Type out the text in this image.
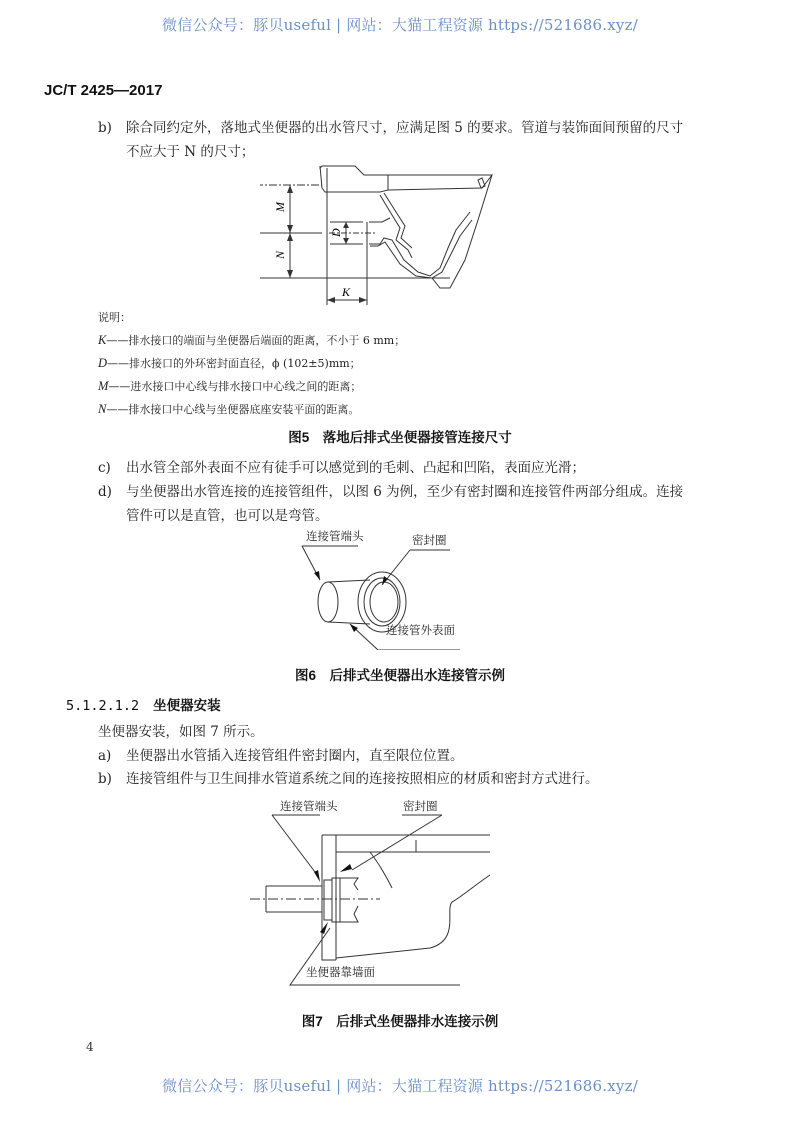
微信公众号：豚贝useful | 网站：大猫工程资源 https://521686.xyz/
JC/T 2425—2017
b) 除合同约定外，落地式坐便器的出水管尺寸，应满足图 5 的要求。管道与装饰面间预留的尺寸
不应大于 N 的尺寸；
M
N
D
K
说明：
K——排水接口的端面与坐便器后端面的距离，不小于 6 mm；
D——排水接口的外环密封面直径，ϕ (102±5)mm；
M——进水接口中心线与排水接口中心线之间的距离；
N——排水接口中心线与坐便器底座安装平面的距离。
图5　落地后排式坐便器接管连接尺寸
c) 出水管全部外表面不应有徒手可以感觉到的毛刺、凸起和凹陷，表面应光滑；
d) 与坐便器出水管连接的连接管组件，以图 6 为例，至少有密封圈和连接管件两部分组成。连接
管件可以是直管，也可以是弯管。
连接管端头	密封圈
连接管外表面
图6　后排式坐便器出水连接管示例
5.1.2.1.2 坐便器安装
坐便器安装，如图 7 所示。
a) 坐便器出水管插入连接管组件密封圈内，直至限位位置。
b) 连接管组件与卫生间排水管道系统之间的连接按照相应的材质和密封方式进行。
连接管端头	密封圈
坐便器靠墙面
图7　后排式坐便器排水连接示例
4
微信公众号：豚贝useful | 网站：大猫工程资源 https://521686.xyz/
